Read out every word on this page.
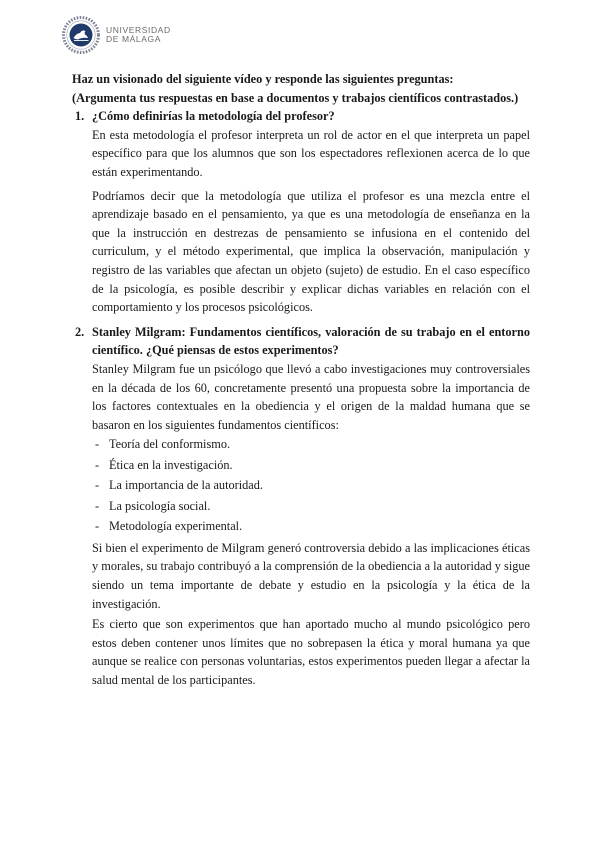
UNIVERSIDAD
DE MÁLAGA

Haz un visionado del siguiente vídeo y responde las siguientes preguntas:

(Argumenta tus respuestas en base a documentos y trabajos científicos contrastados.)

1. ¿Cómo definirías la metodología del profesor?

En esta metodología el profesor interpreta un rol de actor en el que interpreta un papel específico para que los alumnos que son los espectadores reflexionen acerca de lo que están experimentando.

Podríamos decir que la metodología que utiliza el profesor es una mezcla entre el aprendizaje basado en el pensamiento, ya que es una metodología de enseñanza en la que la instrucción en destrezas de pensamiento se infusiona en el contenido del curriculum, y el método experimental, que implica la observación, manipulación y registro de las variables que afectan un objeto (sujeto) de estudio. En el caso específico de la psicología, es posible describir y explicar dichas variables en relación con el comportamiento y los procesos psicológicos.

2. Stanley Milgram: Fundamentos científicos, valoración de su trabajo en el entorno científico. ¿Qué piensas de estos experimentos?

Stanley Milgram fue un psicólogo que llevó a cabo investigaciones muy controversiales en la década de los 60, concretamente presentó una propuesta sobre la importancia de los factores contextuales en la obediencia y el origen de la maldad humana que se basaron en los siguientes fundamentos científicos:

- Teoría del conformismo.
- Ética en la investigación.
- La importancia de la autoridad.
- La psicología social.
- Metodología experimental.

Si bien el experimento de Milgram generó controversia debido a las implicaciones éticas y morales, su trabajo contribuyó a la comprensión de la obediencia a la autoridad y sigue siendo un tema importante de debate y estudio en la psicología y la ética de la investigación.

Es cierto que son experimentos que han aportado mucho al mundo psicológico pero estos deben contener unos límites que no sobrepasen la ética y moral humana ya que aunque se realice con personas voluntarias, estos experimentos pueden llegar a afectar la salud mental de los participantes.
